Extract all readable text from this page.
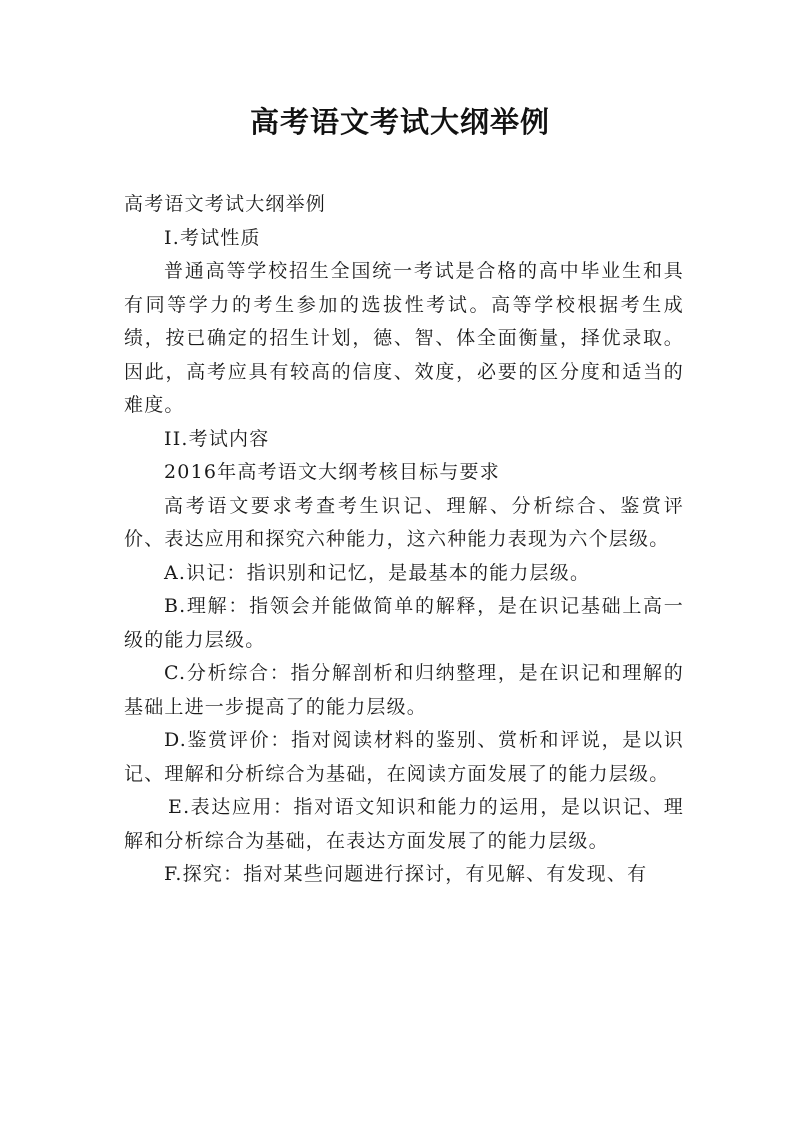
高考语文考试大纲举例

高考语文考试大纲举例

I.考试性质

普通高等学校招生全国统一考试是合格的高中毕业生和具有同等学力的考生参加的选拔性考试。高等学校根据考生成绩，按已确定的招生计划，德、智、体全面衡量，择优录取。因此，高考应具有较高的信度、效度，必要的区分度和适当的难度。

II.考试内容

2016年高考语文大纲考核目标与要求

高考语文要求考查考生识记、理解、分析综合、鉴赏评价、表达应用和探究六种能力，这六种能力表现为六个层级。

A.识记：指识别和记忆，是最基本的能力层级。

B.理解：指领会并能做简单的解释，是在识记基础上高一级的能力层级。

C.分析综合：指分解剖析和归纳整理，是在识记和理解的基础上进一步提高了的能力层级。

D.鉴赏评价：指对阅读材料的鉴别、赏析和评说，是以识记、理解和分析综合为基础，在阅读方面发展了的能力层级。

E.表达应用：指对语文知识和能力的运用，是以识记、理解和分析综合为基础，在表达方面发展了的能力层级。

F.探究：指对某些问题进行探讨，有见解、有发现、有
